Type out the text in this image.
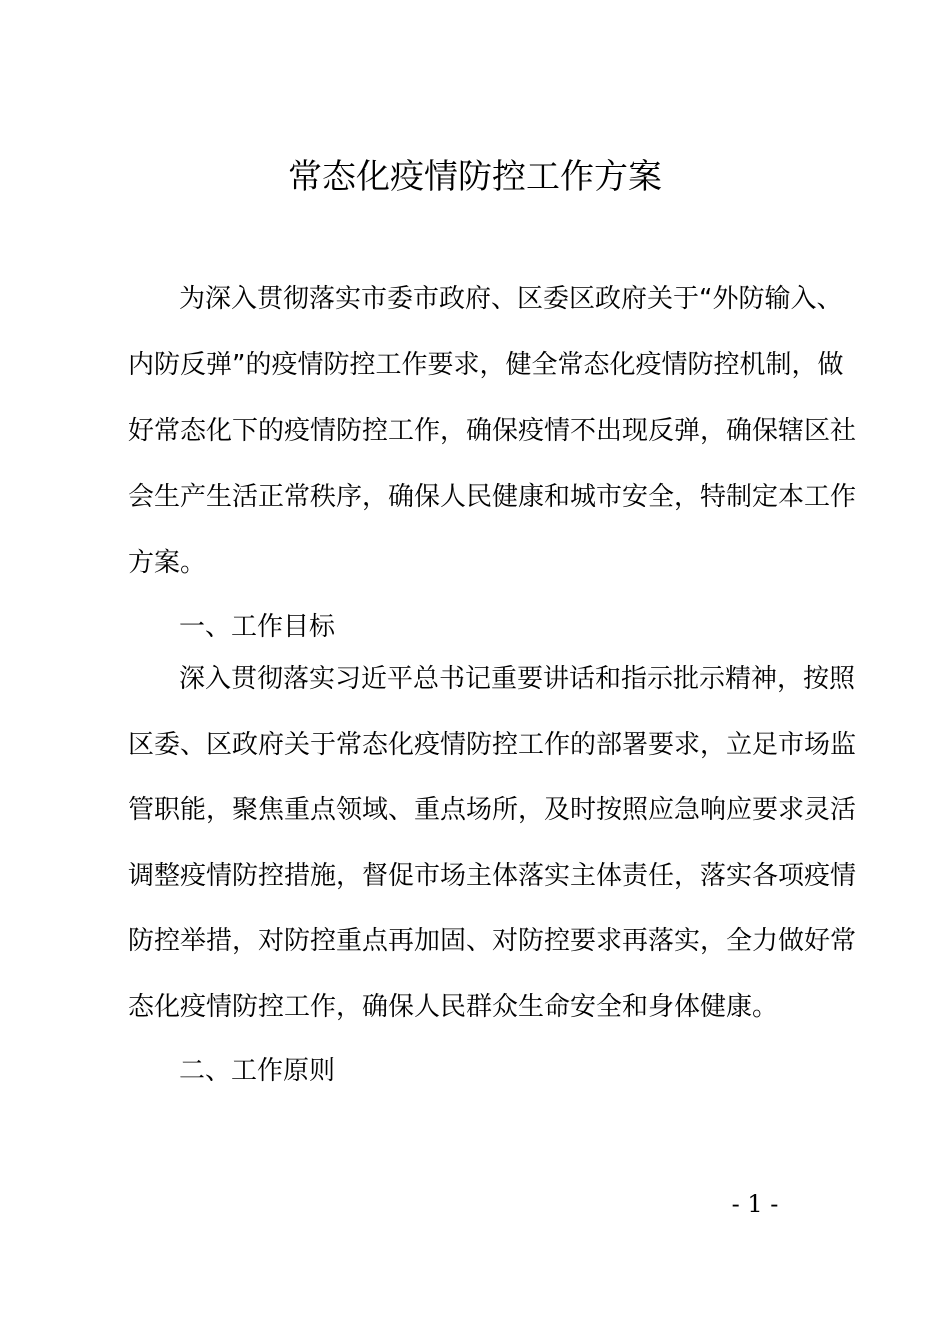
常态化疫情防控工作方案
为深入贯彻落实市委市政府、区委区政府关于“外防输入、
内防反弹”的疫情防控工作要求，健全常态化疫情防控机制，做
好常态化下的疫情防控工作，确保疫情不出现反弹，确保辖区社
会生产生活正常秩序，确保人民健康和城市安全，特制定本工作
方案。
一、工作目标
深入贯彻落实习近平总书记重要讲话和指示批示精神，按照
区委、区政府关于常态化疫情防控工作的部署要求，立足市场监
管职能，聚焦重点领域、重点场所，及时按照应急响应要求灵活
调整疫情防控措施，督促市场主体落实主体责任，落实各项疫情
防控举措，对防控重点再加固、对防控要求再落实，全力做好常
态化疫情防控工作，确保人民群众生命安全和身体健康。
二、工作原则
- 1 -
